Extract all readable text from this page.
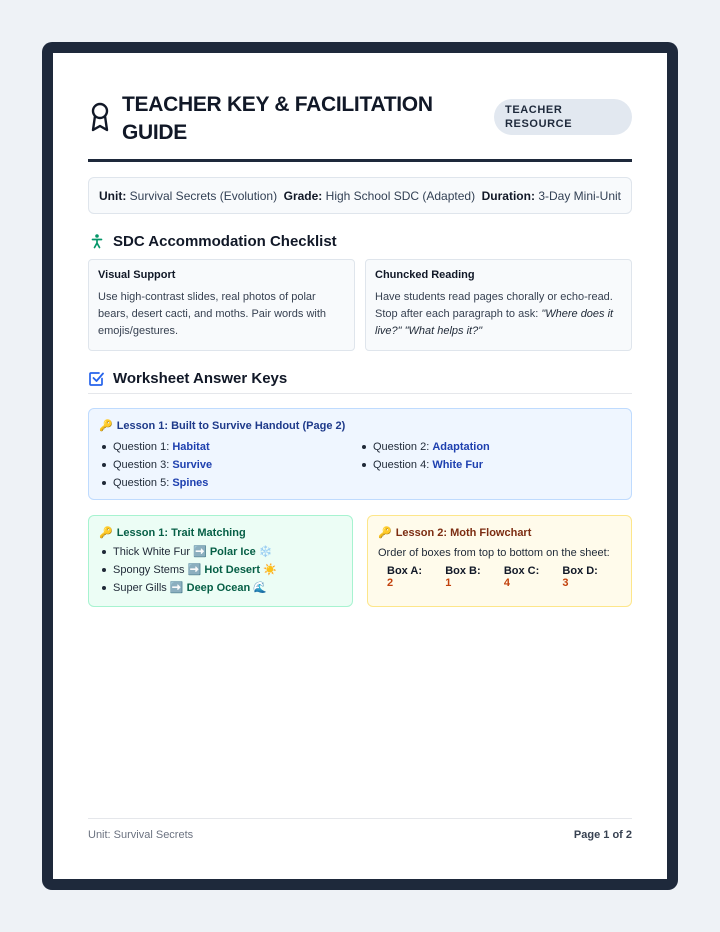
TEACHER KEY & FACILITATION GUIDE
TEACHER RESOURCE
Unit: Survival Secrets (Evolution) Grade: High School SDC (Adapted) Duration: 3-Day Mini-Unit
SDC Accommodation Checklist
Visual Support

Use high-contrast slides, real photos of polar bears, desert cacti, and moths. Pair words with emojis/gestures.

Chuncked Reading

Have students read pages chorally or echo-read. Stop after each paragraph to ask: "Where does it live?" "What helps it?"

Worksheet Answer Keys
🔑 Lesson 1: Built to Survive Handout (Page 2)
Question 1: Habitat	Question 2: Adaptation
Question 3: Survive	Question 4: White Fur
Question 5: Spines
🔑 Lesson 1: Trait Matching
Thick White Fur ➡️ Polar Ice ❄️
Spongy Stems ➡️ Hot Desert ☀️
Super Gills ➡️ Deep Ocean 🌊
🔑 Lesson 2: Moth Flowchart
Order of boxes from top to bottom on the sheet:
Box A: 2
Box B: 1
Box C: 4
Box D: 3
Unit: Survival Secrets	Page 1 of 2
